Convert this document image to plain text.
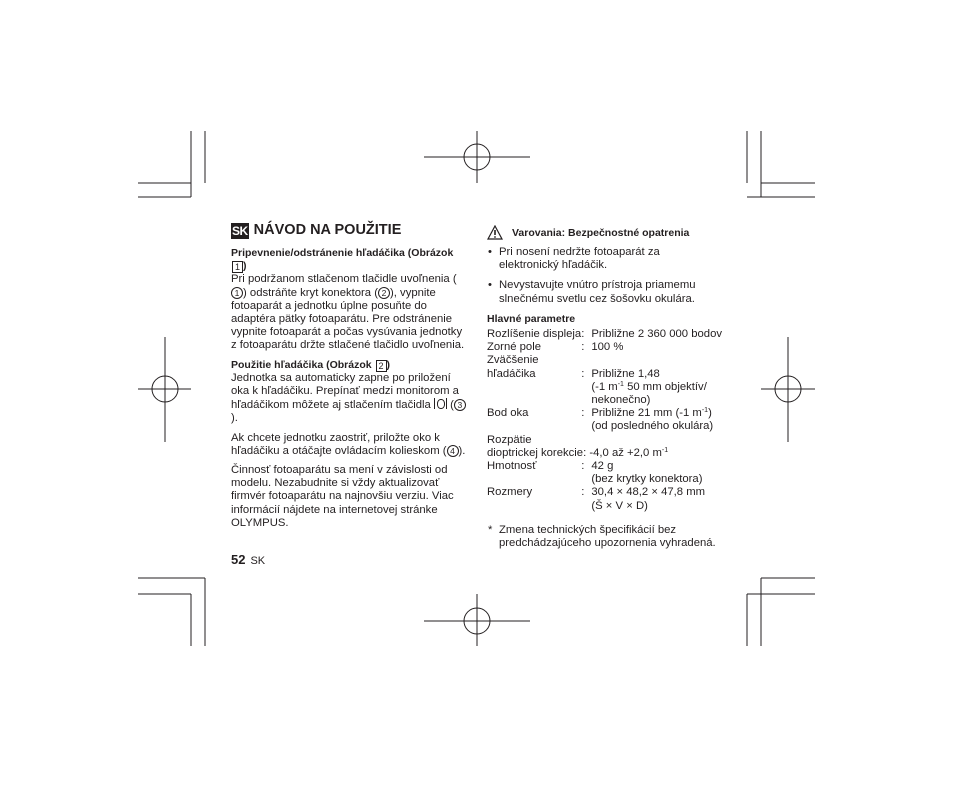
SK NÁVOD NA POUŽITIE

Pripevnenie/odstránenie hľadáčika (Obrázok 1 )

Pri podržanom stlačenom tlačidle uvoľnenia (1 ) odstráňte kryt konektora ( 2 ), vypnite fotoaparát a jednotku úplne posuňte do adaptéra pätky fotoaparátu. Pre odstránenie vypnite fotoaparát a počas vysúvania jednotky z fotoaparátu držte stlačené tlačidlo uvoľnenia.

Použitie hľadáčika (Obrázok 2 )

Jednotka sa automaticky zapne po priložení oka k hľadáčiku. Prepínať medzi monitorom a hľadáčikom môžete aj stlačením tlačidla
( 3).

Ak chcete jednotku zaostriť, priložte oko k hľadáčiku a otáčajte ovládacím kolieskom ( 4 ).

Činnosť fotoaparátu sa mení v závislosti od modelu. Nezabudnite si vždy aktualizovať firmvér fotoaparátu na najnovšiu verziu. Viac informácií nájdete na internetovej stránke OLYMPUS.

Varovania: Bezpečnostné opatrenia
• Pri nosení nedržte fotoaparát za elektronický hľadáčik.
• Nevystavujte vnútro prístroja priamemu slnečnému svetlu cez šošovku okulára.

Hlavné parametre

Rozlíšenie displeja	:	Približne 2 360 000 bodov
Zorné pole	:	100 %
Zväčšenie		
hľadáčika	:	Približne 1,48
		(-1 $m^{-1}$ 50 mm objektív/
		nekonečno)
Bod oka	:	Približne 21 mm (-1 $m^{-1}$)
		(od posledného okulára)
Rozpätie		
dioptrickej korekcie: -4,0 až +2,0 $m^{-1}$
Hmotnosť	:	42 g
		(bez krytky konektora)
Rozmery	:	30,4 × 48,2 × 47,8 mm
		(Š × V × D)

* Zmena technických špecifikácií bez predchádzajúceho upozornenia vyhradená.

52 SK
